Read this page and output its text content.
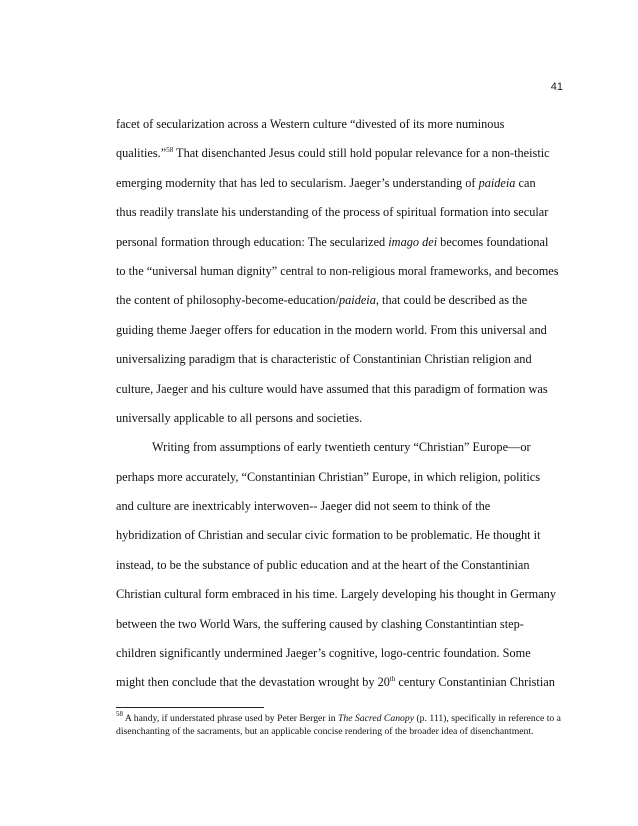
41
facet of secularization across a Western culture “divested of its more numinous
qualities.”$^{58}$ That disenchanted Jesus could still hold popular relevance for a non-theistic
emerging modernity that has led to secularism. Jaeger’s understanding of paideia can
thus readily translate his understanding of the process of spiritual formation into secular
personal formation through education: The secularized imago dei becomes foundational
to the “universal human dignity” central to non-religious moral frameworks, and becomes
the content of philosophy-become-education/paideia, that could be described as the
guiding theme Jaeger offers for education in the modern world. From this universal and
universalizing paradigm that is characteristic of Constantinian Christian religion and
culture, Jaeger and his culture would have assumed that this paradigm of formation was
universally applicable to all persons and societies.
Writing from assumptions of early twentieth century “Christian” Europe—or
perhaps more accurately, “Constantinian Christian” Europe, in which religion, politics
and culture are inextricably interwoven-- Jaeger did not seem to think of the
hybridization of Christian and secular civic formation to be problematic. He thought it
instead, to be the substance of public education and at the heart of the Constantinian
Christian cultural form embraced in his time. Largely developing his thought in Germany
between the two World Wars, the suffering caused by clashing Constantintian step-
children significantly undermined Jaeger’s cognitive, logo-centric foundation. Some
might then conclude that the devastation wrought by 20th century Constantinian Christian
$^{58}$ A handy, if understated phrase used by Peter Berger in The Sacred Canopy (p. 111), specifically in reference to a disenchanting of the sacraments, but an applicable concise rendering of the broader idea of disenchantment.
